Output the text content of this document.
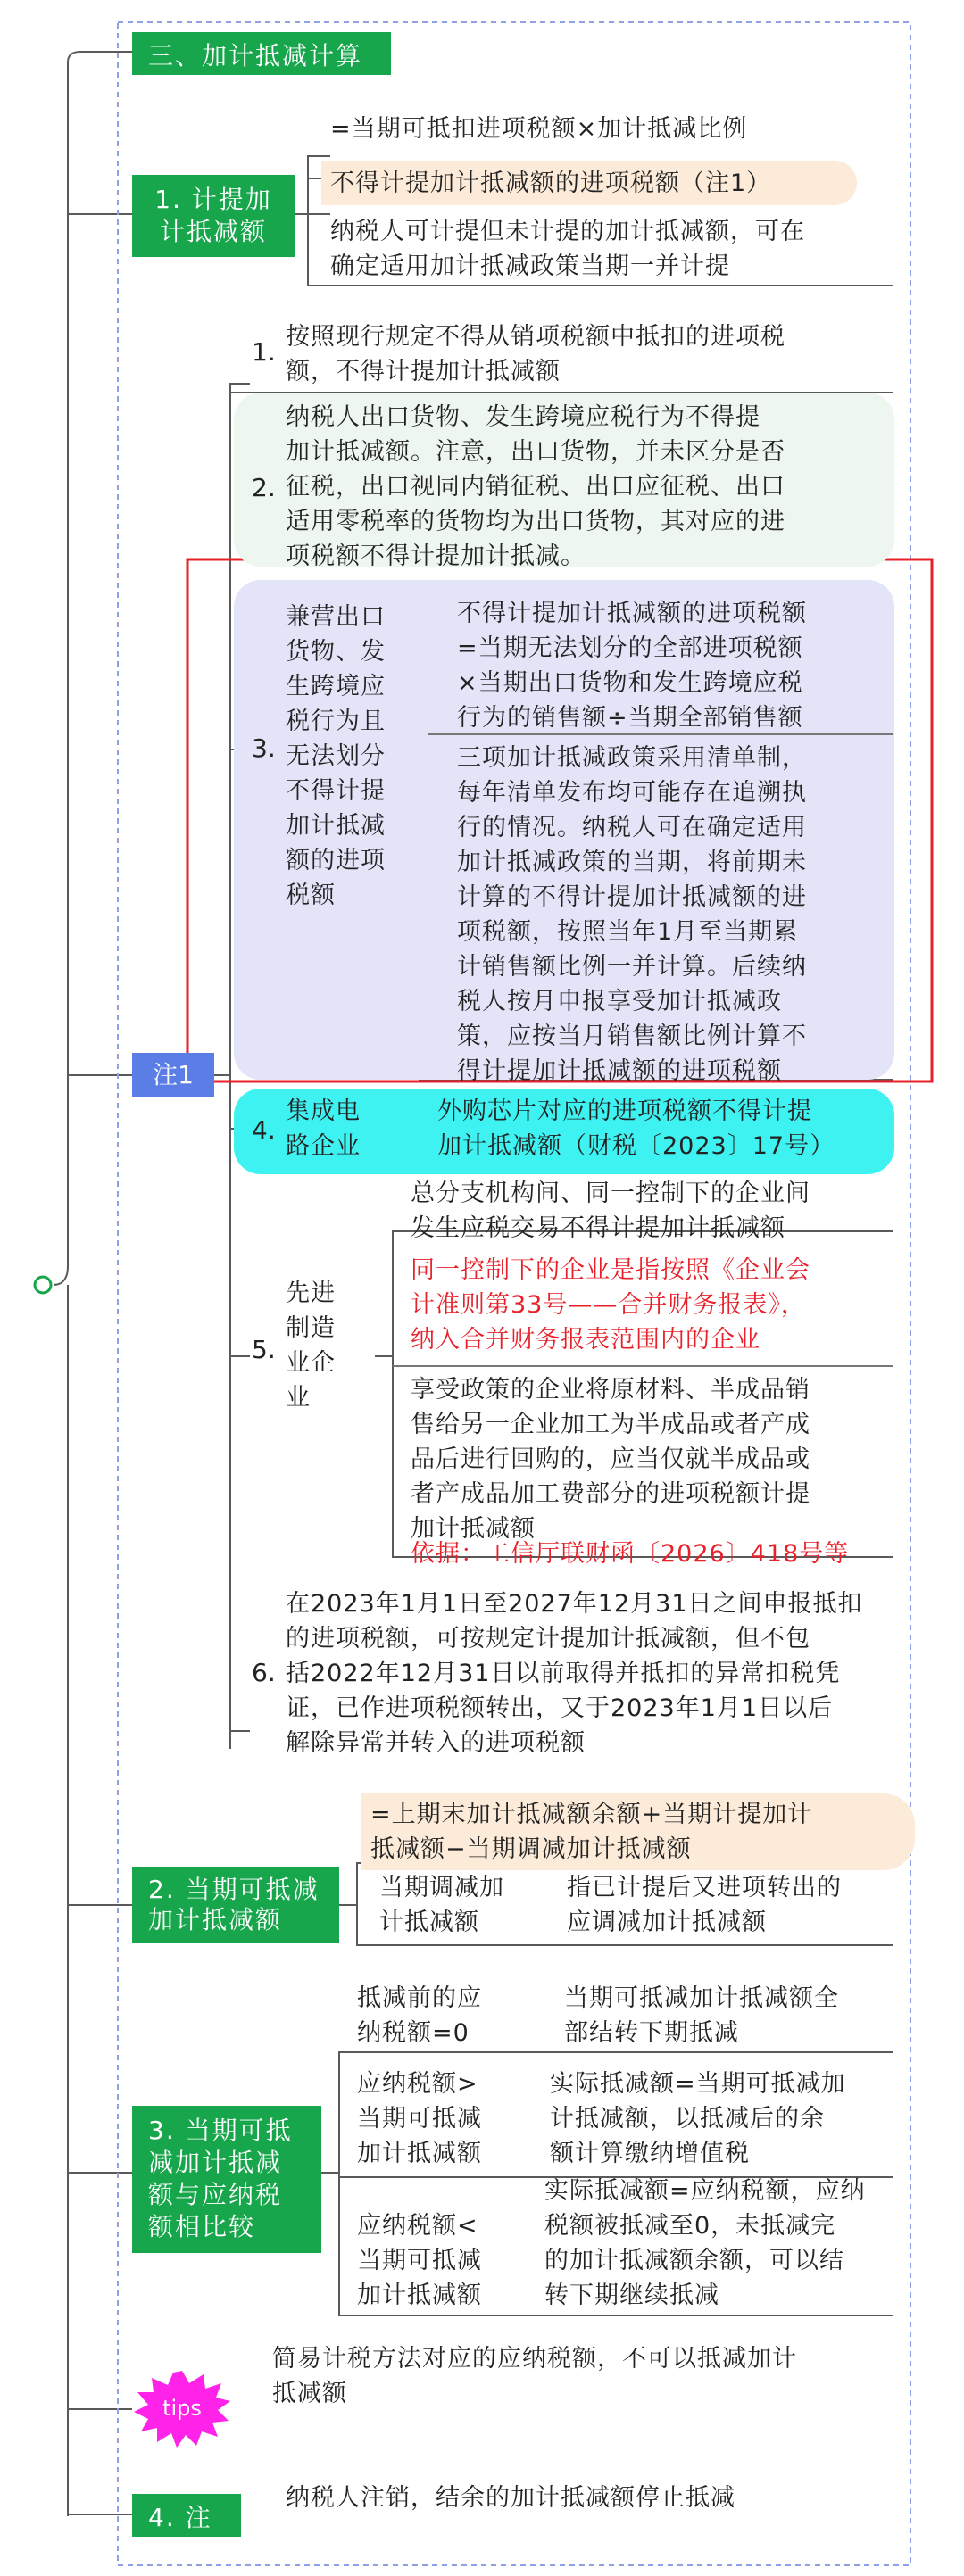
三、加计抵减计算
1. 计提加
计抵减额
=当期可抵扣进项税额×加计抵减比例
不得计提加计抵减额的进项税额（注1）
纳税人可计提但未计提的加计抵减额，可在
确定适用加计抵减政策当期一并计提
注1
1.
按照现行规定不得从销项税额中抵扣的进项税
额，不得计提加计抵减额
2.
纳税人出口货物、发生跨境应税行为不得提
加计抵减额。注意，出口货物，并未区分是否
征税，出口视同内销征税、出口应征税、出口
适用零税率的货物均为出口货物，其对应的进
项税额不得计提加计抵减。
3.
兼营出口
货物、发
生跨境应
税行为且
无法划分
不得计提
加计抵减
额的进项
税额
不得计提加计抵减额的进项税额
=当期无法划分的全部进项税额
×当期出口货物和发生跨境应税
行为的销售额÷当期全部销售额
三项加计抵减政策采用清单制，
每年清单发布均可能存在追溯执
行的情况。纳税人可在确定适用
加计抵减政策的当期，将前期未
计算的不得计提加计抵减额的进
项税额，按照当年1月至当期累
计销售额比例一并计算。后续纳
税人按月申报享受加计抵减政
策，应按当月销售额比例计算不
得计提加计抵减额的进项税额
4.
集成电
路企业
外购芯片对应的进项税额不得计提
加计抵减额（财税〔2023〕17号）
5.
先进
制造
业企
业
总分支机构间、同一控制下的企业间
发生应税交易不得计提加计抵减额
同一控制下的企业是指按照《企业会
计准则第33号——合并财务报表》，
纳入合并财务报表范围内的企业
享受政策的企业将原材料、半成品销
售给另一企业加工为半成品或者产成
品后进行回购的，应当仅就半成品或
者产成品加工费部分的进项税额计提
加计抵减额
依据：工信厅联财函〔2026〕418号等
6.
在2023年1月1日至2027年12月31日之间申报抵扣
的进项税额，可按规定计提加计抵减额，但不包
括2022年12月31日以前取得并抵扣的异常扣税凭
证，已作进项税额转出，又于2023年1月1日以后
解除异常并转入的进项税额
2. 当期可抵减
加计抵减额
=上期末加计抵减额余额+当期计提加计
抵减额−当期调减加计抵减额
当期调减加
计抵减额
指已计提后又进项转出的
应调减加计抵减额
3. 当期可抵
减加计抵减
额与应纳税
额相比较
抵减前的应
纳税额=0
当期可抵减加计抵减额全
部结转下期抵减
应纳税额>
当期可抵减
加计抵减额
实际抵减额=当期可抵减加
计抵减额，以抵减后的余
额计算缴纳增值税
应纳税额<
当期可抵减
加计抵减额
实际抵减额=应纳税额，应纳
税额被抵减至0，未抵减完
的加计抵减额余额，可以结
转下期继续抵减
tips
简易计税方法对应的应纳税额，不可以抵减加计
抵减额
4. 注销
纳税人注销，结余的加计抵减额停止抵减
